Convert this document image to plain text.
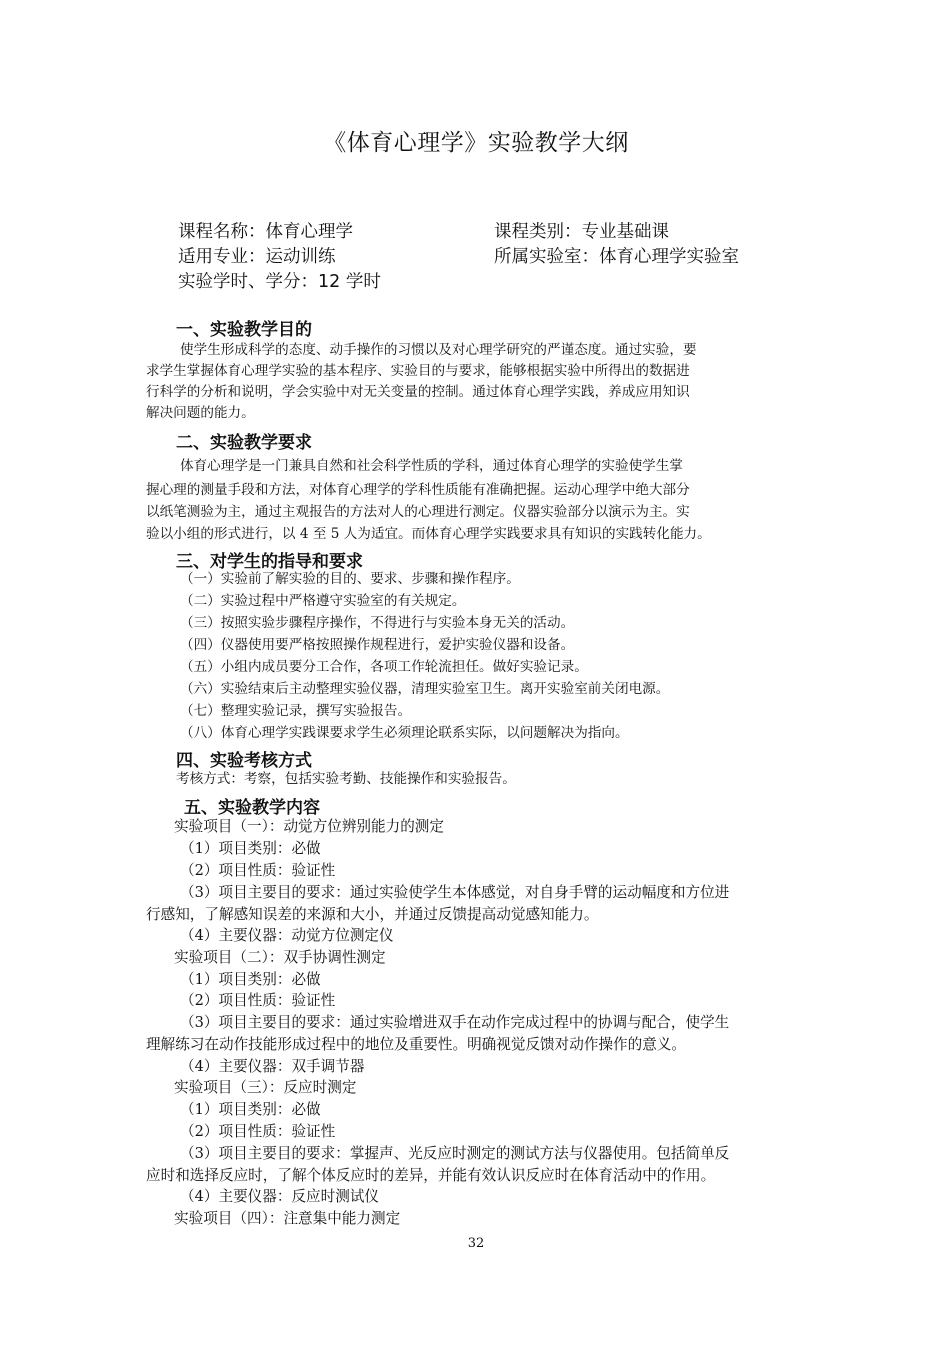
《体育心理学》实验教学大纲
课程名称：体育心理学	课程类别：专业基础课
适用专业：运动训练	所属实验室：体育心理学实验室
实验学时、学分：12 学时
一、实验教学目的
使学生形成科学的态度、动手操作的习惯以及对心理学研究的严谨态度。通过实验，要
求学生掌握体育心理学实验的基本程序、实验目的与要求，能够根据实验中所得出的数据进
行科学的分析和说明，学会实验中对无关变量的控制。通过体育心理学实践，养成应用知识
解决问题的能力。
二、实验教学要求
体育心理学是一门兼具自然和社会科学性质的学科，通过体育心理学的实验使学生掌
握心理的测量手段和方法，对体育心理学的学科性质能有准确把握。运动心理学中绝大部分
以纸笔测验为主，通过主观报告的方法对人的心理进行测定。仪器实验部分以演示为主。实
验以小组的形式进行，以 4 至 5 人为适宜。而体育心理学实践要求具有知识的实践转化能力。
三、对学生的指导和要求
（一）实验前了解实验的目的、要求、步骤和操作程序。
（二）实验过程中严格遵守实验室的有关规定。
（三）按照实验步骤程序操作，不得进行与实验本身无关的活动。
（四）仪器使用要严格按照操作规程进行，爱护实验仪器和设备。
（五）小组内成员要分工合作，各项工作轮流担任。做好实验记录。
（六）实验结束后主动整理实验仪器，清理实验室卫生。离开实验室前关闭电源。
（七）整理实验记录，撰写实验报告。
（八）体育心理学实践课要求学生必须理论联系实际，以问题解决为指向。
四、实验考核方式
考核方式：考察，包括实验考勤、技能操作和实验报告。
五、实验教学内容
实验项目（一）：动觉方位辨别能力的测定
（1）项目类别：必做
（2）项目性质：验证性
（3）项目主要目的要求：通过实验使学生本体感觉，对自身手臂的运动幅度和方位进
行感知，了解感知误差的来源和大小，并通过反馈提高动觉感知能力。
（4）主要仪器：动觉方位测定仪
实验项目（二）：双手协调性测定
（1）项目类别：必做
（2）项目性质：验证性
（3）项目主要目的要求：通过实验增进双手在动作完成过程中的协调与配合，使学生
理解练习在动作技能形成过程中的地位及重要性。明确视觉反馈对动作操作的意义。
（4）主要仪器：双手调节器
实验项目（三）：反应时测定
（1）项目类别：必做
（2）项目性质：验证性
（3）项目主要目的要求：掌握声、光反应时测定的测试方法与仪器使用。包括简单反
应时和选择反应时，了解个体反应时的差异，并能有效认识反应时在体育活动中的作用。
（4）主要仪器：反应时测试仪
实验项目（四）：注意集中能力测定
32
